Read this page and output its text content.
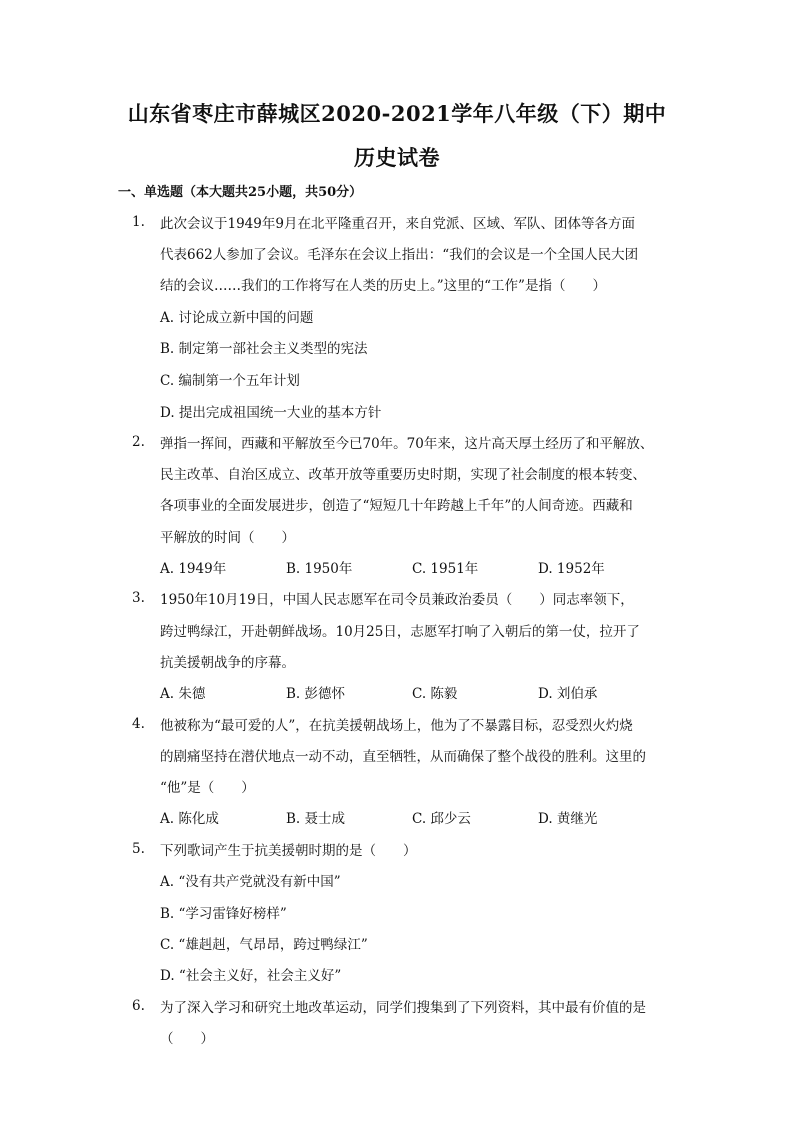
山东省枣庄市薛城区2020-2021学年八年级（下）期中
历史试卷
一、单选题（本大题共25小题，共50分）
1. 此次会议于1949年9月在北平隆重召开，来自党派、区域、军队、团体等各方面
代表662人参加了会议。毛泽东在会议上指出：“我们的会议是一个全国人民大团
结的会议……我们的工作将写在人类的历史上。”这里的“工作”是指（　　）
A. 讨论成立新中国的问题
B. 制定第一部社会主义类型的宪法
C. 编制第一个五年计划
D. 提出完成祖国统一大业的基本方针
2. 弹指一挥间，西藏和平解放至今已70年。70年来，这片高天厚土经历了和平解放、
民主改革、自治区成立、改革开放等重要历史时期，实现了社会制度的根本转变、
各项事业的全面发展进步，创造了“短短几十年跨越上千年”的人间奇迹。西藏和
平解放的时间（　　）
A. 1949年	B. 1950年	C. 1951年	D. 1952年
3. 1950年10月19日，中国人民志愿军在司令员兼政治委员（　　）同志率领下，
跨过鸭绿江，开赴朝鲜战场。10月25日，志愿军打响了入朝后的第一仗，拉开了
抗美援朝战争的序幕。
A. 朱德	B. 彭德怀	C. 陈毅	D. 刘伯承
4. 他被称为“最可爱的人”，在抗美援朝战场上，他为了不暴露目标，忍受烈火灼烧
的剧痛坚持在潜伏地点一动不动，直至牺牲，从而确保了整个战役的胜利。这里的
“他”是（　　）
A. 陈化成	B. 聂士成	C. 邱少云	D. 黄继光
5. 下列歌词产生于抗美援朝时期的是（　　）
A. “没有共产党就没有新中国”
B. “学习雷锋好榜样”
C. “雄赳赳，气昂昂，跨过鸭绿江”
D. “社会主义好，社会主义好”
6. 为了深入学习和研究土地改革运动，同学们搜集到了下列资料，其中最有价值的是
（　　）
